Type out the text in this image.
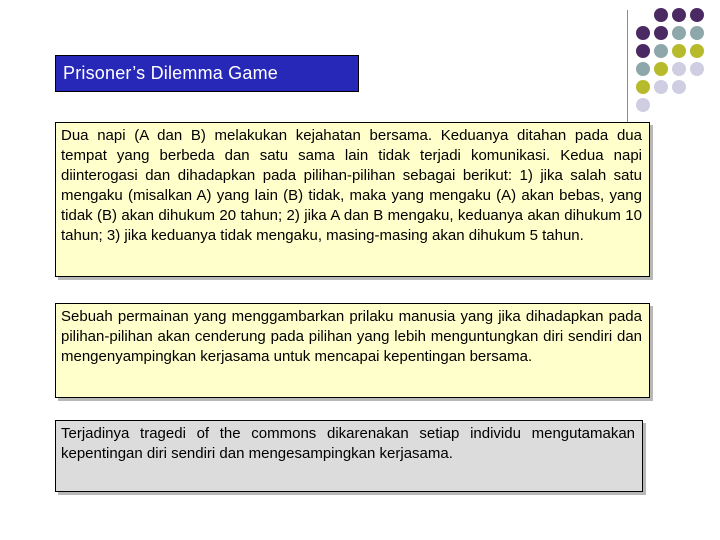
Prisoner’s Dilemma Game
Dua napi (A dan B) melakukan kejahatan bersama. Keduanya ditahan pada dua tempat yang berbeda dan satu sama lain tidak terjadi komunikasi. Kedua napi diinterogasi dan dihadapkan pada pilihan-pilihan sebagai berikut: 1) jika salah satu mengaku (misalkan A) yang lain (B) tidak, maka yang mengaku (A) akan bebas, yang tidak (B) akan dihukum 20 tahun; 2) jika A dan B mengaku, keduanya akan dihukum 10 tahun; 3) jika keduanya tidak mengaku, masing-masing akan dihukum 5 tahun.
Sebuah permainan yang menggambarkan prilaku manusia yang jika dihadapkan pada pilihan-pilihan akan cenderung pada pilihan yang lebih menguntungkan diri sendiri dan mengenyampingkan kerjasama untuk mencapai kepentingan bersama.
Terjadinya tragedi of the commons dikarenakan setiap individu mengutamakan kepentingan diri sendiri dan mengesampingkan kerjasama.
